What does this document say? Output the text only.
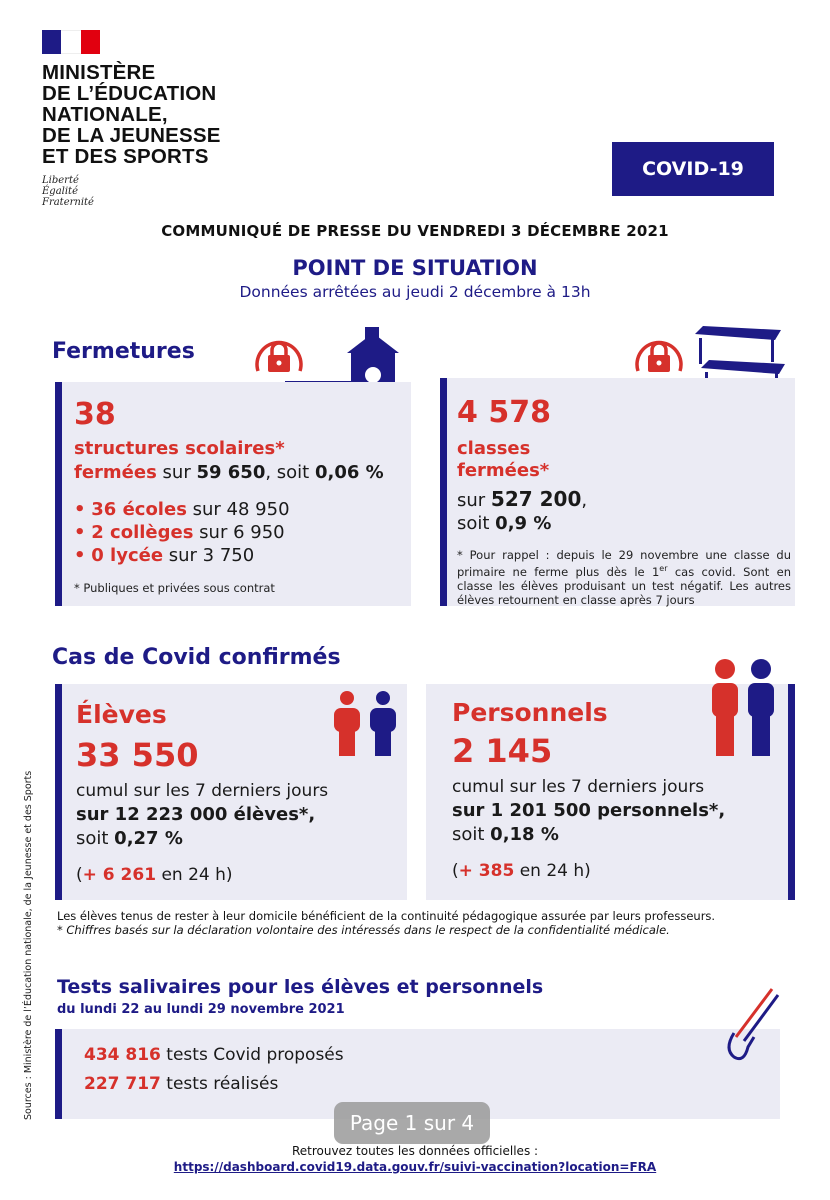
MINISTÈRE
DE L’ÉDUCATION
NATIONALE,
DE LA JEUNESSE
ET DES SPORTS
Liberté
Égalité
Fraternité
COVID-19
COMMUNIQUÉ DE PRESSE DU VENDREDI 3 DÉCEMBRE 2021
POINT DE SITUATION
Données arrêtées au jeudi 2 décembre à 13h
Fermetures
38
structures scolaires*
fermées sur 59 650, soit 0,06 %
• 36 écoles sur 48 950
• 2 collèges sur 6 950
• 0 lycée sur 3 750
* Publiques et privées sous contrat
4 578
classes
fermées*
sur 527 200,
soit 0,9 %
* Pour rappel : depuis le 29 novembre une classe du primaire ne ferme plus dès le 1er cas covid. Sont en classe les élèves produisant un test négatif. Les autres élèves retournent en classe après 7 jours
Cas de Covid confirmés
Élèves
33 550
cumul sur les 7 derniers jours
sur 12 223 000 élèves*,
soit 0,27 %
(+ 6 261 en 24 h)
Personnels
2 145
cumul sur les 7 derniers jours
sur 1 201 500 personnels*,
soit 0,18 %
(+ 385 en 24 h)
Les élèves tenus de rester à leur domicile bénéficient de la continuité pédagogique assurée par leurs professeurs.
* Chiffres basés sur la déclaration volontaire des intéressés dans le respect de la confidentialité médicale.
Tests salivaires pour les élèves et personnels
du lundi 22 au lundi 29 novembre 2021
434 816 tests Covid proposés
227 717 tests réalisés
Sources : Ministère de l’Éducation nationale, de la Jeunesse et des Sports
Page 1 sur 4
Retrouvez toutes les données officielles :
https://dashboard.covid19.data.gouv.fr/suivi-vaccination?location=FRA
